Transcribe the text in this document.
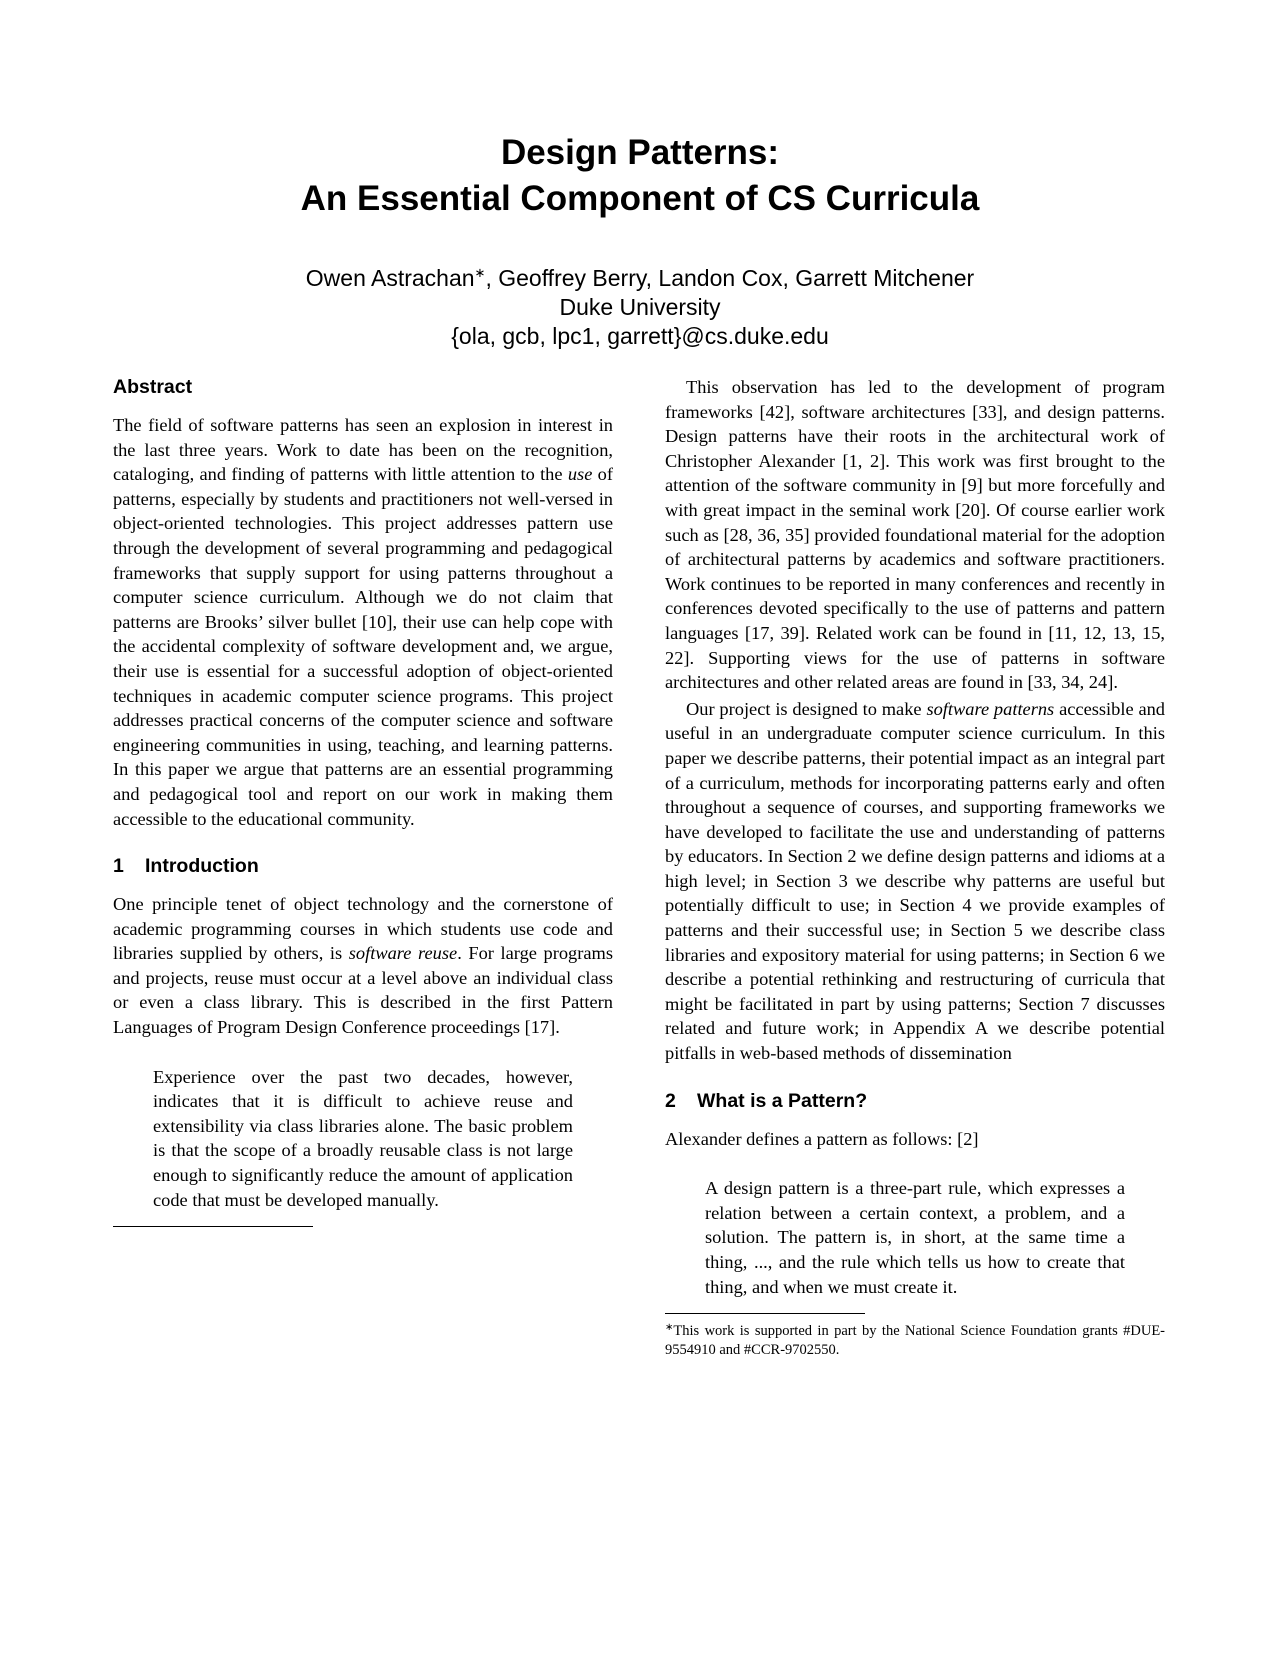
Design Patterns:
An Essential Component of CS Curricula
Owen Astrachan∗, Geoffrey Berry, Landon Cox, Garrett Mitchener
Duke University
{ola, gcb, lpc1, garrett}@cs.duke.edu
Abstract

The field of software patterns has seen an explosion in interest in the last three years. Work to date has been on the recognition, cataloging, and finding of patterns with little attention to the use of patterns, especially by students and practitioners not well-versed in object-oriented technologies. This project addresses pattern use through the development of several programming and pedagogical frameworks that supply support for using patterns throughout a computer science curriculum. Although we do not claim that patterns are Brooks’ silver bullet [10], their use can help cope with the accidental complexity of software development and, we argue, their use is essential for a successful adoption of object-oriented techniques in academic computer science programs. This project addresses practical concerns of the computer science and software engineering communities in using, teaching, and learning patterns. In this paper we argue that patterns are an essential programming and pedagogical tool and report on our work in making them accessible to the educational community.

1 Introduction

One principle tenet of object technology and the cornerstone of academic programming courses in which students use code and libraries supplied by others, is software reuse. For large programs and projects, reuse must occur at a level above an individual class or even a class library. This is described in the first Pattern Languages of Program Design Conference proceedings [17].

Experience over the past two decades, however, indicates that it is difficult to achieve reuse and extensibility via class libraries alone. The basic problem is that the scope of a broadly reusable class is not large enough to significantly reduce the amount of application code that must be developed manually.

This observation has led to the development of program frameworks [42], software architectures [33], and design patterns. Design patterns have their roots in the architectural work of Christopher Alexander [1, 2]. This work was first brought to the attention of the software community in [9] but more forcefully and with great impact in the seminal work [20]. Of course earlier work such as [28, 36, 35] provided foundational material for the adoption of architectural patterns by academics and software practitioners. Work continues to be reported in many conferences and recently in conferences devoted specifically to the use of patterns and pattern languages [17, 39]. Related work can be found in [11, 12, 13, 15, 22]. Supporting views for the use of patterns in software architectures and other related areas are found in [33, 34, 24].

Our project is designed to make software patterns accessible and useful in an undergraduate computer science curriculum. In this paper we describe patterns, their potential impact as an integral part of a curriculum, methods for incorporating patterns early and often throughout a sequence of courses, and supporting frameworks we have developed to facilitate the use and understanding of patterns by educators. In Section 2 we define design patterns and idioms at a high level; in Section 3 we describe why patterns are useful but potentially difficult to use; in Section 4 we provide examples of patterns and their successful use; in Section 5 we describe class libraries and expository material for using patterns; in Section 6 we describe a potential rethinking and restructuring of curricula that might be facilitated in part by using patterns; Section 7 discusses related and future work; in Appendix A we describe potential pitfalls in web-based methods of dissemination

2 What is a Pattern?

Alexander defines a pattern as follows: [2]

A design pattern is a three-part rule, which expresses a relation between a certain context, a problem, and a solution. The pattern is, in short, at the same time a thing, ..., and the rule which tells us how to create that thing, and when we must create it.

∗This work is supported in part by the National Science Foundation grants #DUE-9554910 and #CCR-9702550.
